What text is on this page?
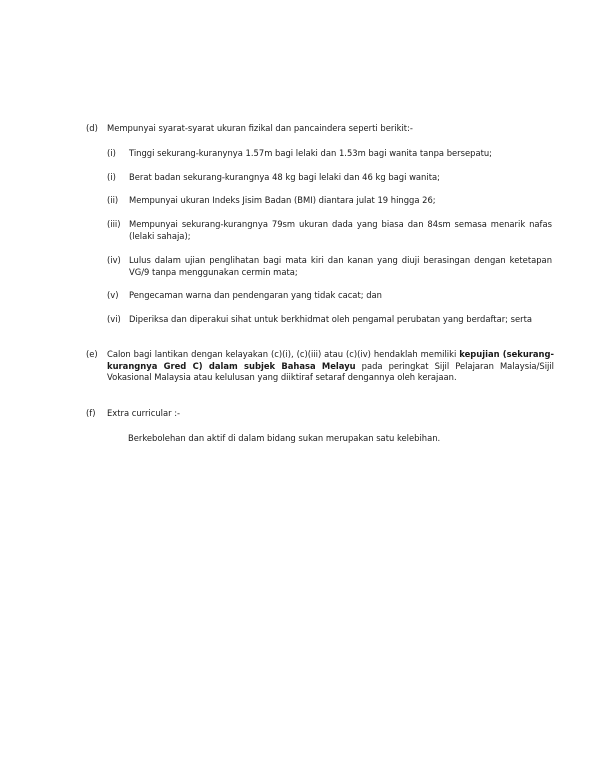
(d) Mempunyai syarat-syarat ukuran fizikal dan pancaindera seperti berikit:-

(i) Tinggi sekurang-kuranynya 1.57m bagi lelaki dan 1.53m bagi wanita tanpa bersepatu;

(i) Berat badan sekurang-kurangnya 48 kg bagi lelaki dan 46 kg bagi wanita;

(ii) Mempunyai ukuran Indeks Jisim Badan (BMI) diantara julat 19 hingga 26;

(iii) Mempunyai sekurang-kurangnya 79sm ukuran dada yang biasa dan 84sm semasa menarik nafas (lelaki sahaja);

(iv) Lulus dalam ujian penglihatan bagi mata kiri dan kanan yang diuji berasingan dengan ketetapan VG/9 tanpa menggunakan cermin mata;

(v) Pengecaman warna dan pendengaran yang tidak cacat; dan

(vi) Diperiksa dan diperakui sihat untuk berkhidmat oleh pengamal perubatan yang berdaftar; serta

(e) Calon bagi lantikan dengan kelayakan (c)(i), (c)(iii) atau (c)(iv) hendaklah memiliki kepujian (sekurang-kurangnya Gred C) dalam subjek Bahasa Melayu pada peringkat Sijil Pelajaran Malaysia/Sijil Vokasional Malaysia atau kelulusan yang diiktiraf setaraf dengannya oleh kerajaan.

(f) Extra curricular :-

Berkebolehan dan aktif di dalam bidang sukan merupakan satu kelebihan.
